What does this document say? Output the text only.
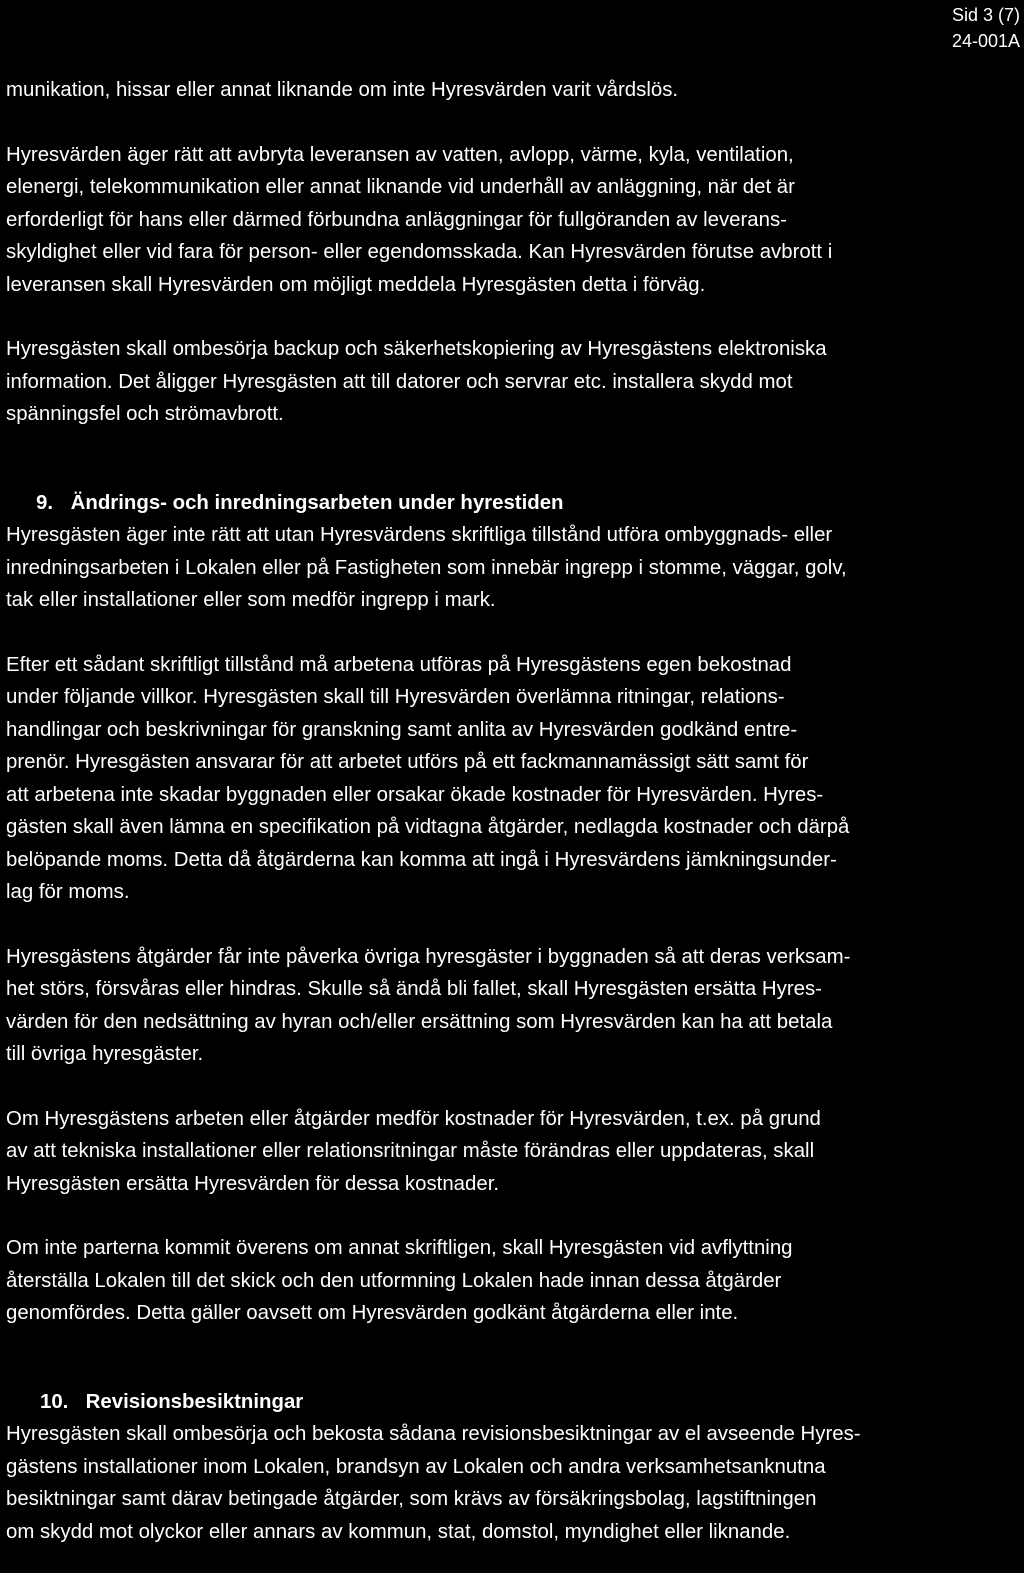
Sid 3 (7)
24-001A
munikation, hissar eller annat liknande om inte Hyresvärden varit vårdslös.
Hyresvärden äger rätt att avbryta leveransen av vatten, avlopp, värme, kyla, ventilation,
elenergi, telekommunikation eller annat liknande vid underhåll av anläggning, när det är
erforderligt för hans eller därmed förbundna anläggningar för fullgöranden av leverans-
skyldighet eller vid fara för person- eller egendomsskada. Kan Hyresvärden förutse avbrott i
leveransen skall Hyresvärden om möjligt meddela Hyresgästen detta i förväg.
Hyresgästen skall ombesörja backup och säkerhetskopiering av Hyresgästens elektroniska
information. Det åligger Hyresgästen att till datorer och servrar etc. installera skydd mot
spänningsfel och strömavbrott.
9. Ändrings- och inredningsarbeten under hyrestiden
Hyresgästen äger inte rätt att utan Hyresvärdens skriftliga tillstånd utföra ombyggnads- eller
inredningsarbeten i Lokalen eller på Fastigheten som innebär ingrepp i stomme, väggar, golv,
tak eller installationer eller som medför ingrepp i mark.
Efter ett sådant skriftligt tillstånd må arbetena utföras på Hyresgästens egen bekostnad
under följande villkor. Hyresgästen skall till Hyresvärden överlämna ritningar, relations-
handlingar och beskrivningar för granskning samt anlita av Hyresvärden godkänd entre-
prenör. Hyresgästen ansvarar för att arbetet utförs på ett fackmannamässigt sätt samt för
att arbetena inte skadar byggnaden eller orsakar ökade kostnader för Hyresvärden. Hyres-
gästen skall även lämna en specifikation på vidtagna åtgärder, nedlagda kostnader och därpå
belöpande moms. Detta då åtgärderna kan komma att ingå i Hyresvärdens jämkningsunder-
lag för moms.
Hyresgästens åtgärder får inte påverka övriga hyresgäster i byggnaden så att deras verksam-
het störs, försvåras eller hindras. Skulle så ändå bli fallet, skall Hyresgästen ersätta Hyres-
värden för den nedsättning av hyran och/eller ersättning som Hyresvärden kan ha att betala
till övriga hyresgäster.
Om Hyresgästens arbeten eller åtgärder medför kostnader för Hyresvärden, t.ex. på grund
av att tekniska installationer eller relationsritningar måste förändras eller uppdateras, skall
Hyresgästen ersätta Hyresvärden för dessa kostnader.
Om inte parterna kommit överens om annat skriftligen, skall Hyresgästen vid avflyttning
återställa Lokalen till det skick och den utformning Lokalen hade innan dessa åtgärder
genomfördes. Detta gäller oavsett om Hyresvärden godkänt åtgärderna eller inte.
10. Revisionsbesiktningar
Hyresgästen skall ombesörja och bekosta sådana revisionsbesiktningar av el avseende Hyres-
gästens installationer inom Lokalen, brandsyn av Lokalen och andra verksamhetsanknutna
besiktningar samt därav betingade åtgärder, som krävs av försäkringsbolag, lagstiftningen
om skydd mot olyckor eller annars av kommun, stat, domstol, myndighet eller liknande.
